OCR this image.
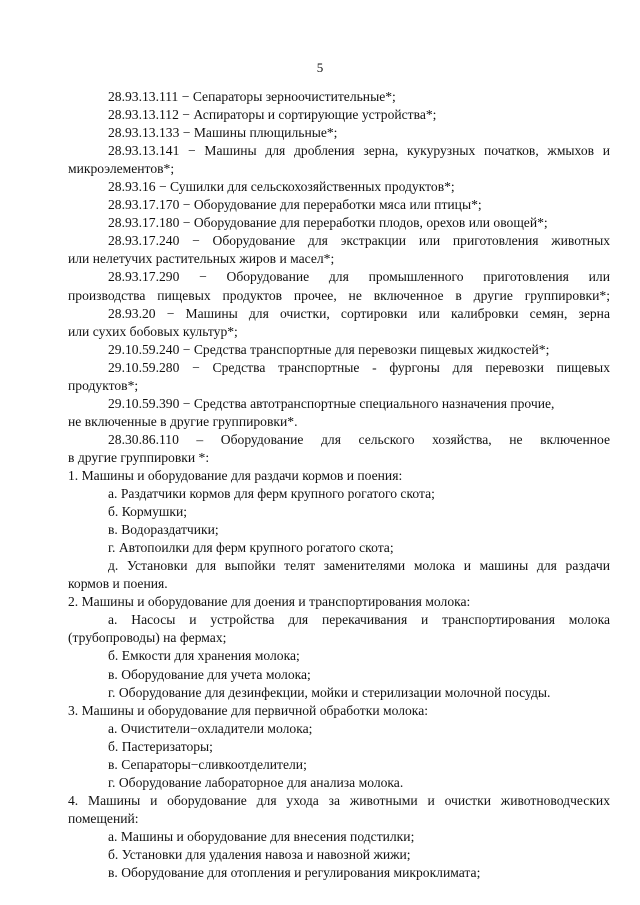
5
28.93.13.111 − Сепараторы зерноочистительные*;
28.93.13.112 − Аспираторы и сортирующие устройства*;
28.93.13.133 − Машины плющильные*;
28.93.13.141 − Машины для дробления зерна, кукурузных початков, жмыхов и
микроэлементов*;
28.93.16 − Сушилки для сельскохозяйственных продуктов*;
28.93.17.170 − Оборудование для переработки мяса или птицы*;
28.93.17.180 − Оборудование для переработки плодов, орехов или овощей*;
28.93.17.240 − Оборудование для экстракции или приготовления животных
или нелетучих растительных жиров и масел*;
28.93.17.290 − Оборудование для промышленного приготовления или
производства пищевых продуктов прочее, не включенное в другие группировки*;
28.93.20 − Машины для очистки, сортировки или калибровки семян, зерна
или сухих бобовых культур*;
29.10.59.240 − Средства транспортные для перевозки пищевых жидкостей*;
29.10.59.280 − Средства транспортные - фургоны для перевозки пищевых
продуктов*;
29.10.59.390 − Средства автотранспортные специального назначения прочие,
не включенные в другие группировки*.
28.30.86.110 – Оборудование для сельского хозяйства, не включенное
в другие группировки *:
1. Машины и оборудование для раздачи кормов и поения:
а. Раздатчики кормов для ферм крупного рогатого скота;
б. Кормушки;
в. Водораздатчики;
г. Автопоилки для ферм крупного рогатого скота;
д. Установки для выпойки телят заменителями молока и машины для раздачи
кормов и поения.
2. Машины и оборудование для доения и транспортирования молока:
а. Насосы и устройства для перекачивания и транспортирования молока
(трубопроводы) на фермах;
б. Емкости для хранения молока;
в. Оборудование для учета молока;
г. Оборудование для дезинфекции, мойки и стерилизации молочной посуды.
3. Машины и оборудование для первичной обработки молока:
а. Очистители−охладители молока;
б. Пастеризаторы;
в. Сепараторы−сливкоотделители;
г. Оборудование лабораторное для анализа молока.
4. Машины и оборудование для ухода за животными и очистки животноводческих
помещений:
а. Машины и оборудование для внесения подстилки;
б. Установки для удаления навоза и навозной жижи;
в. Оборудование для отопления и регулирования микроклимата;
